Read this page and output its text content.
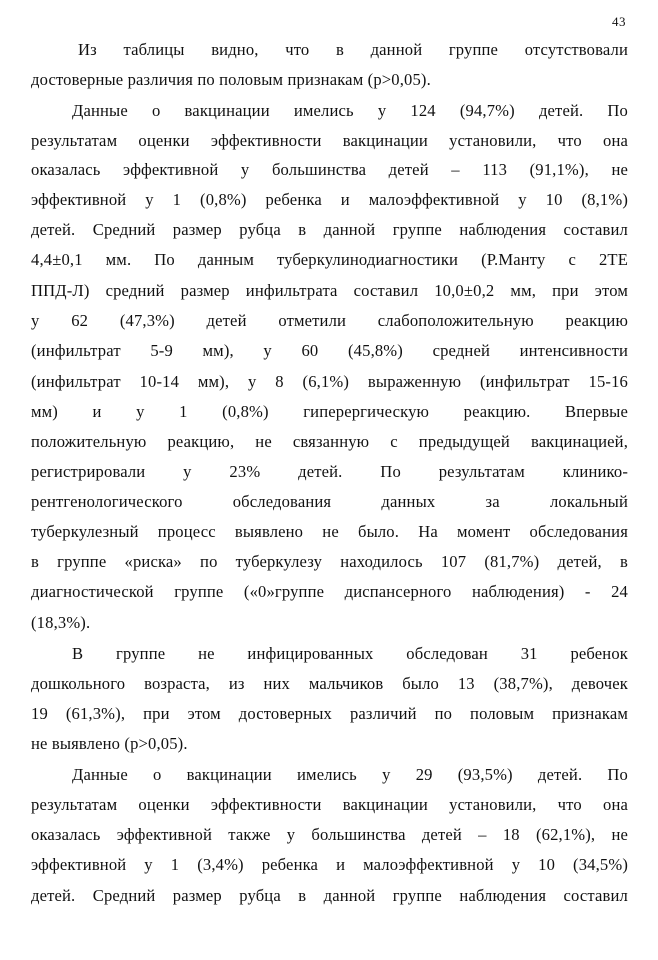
43
Из таблицы видно, что в данной группе отсутствовали
достоверные различия по половым признакам (р>0,05).
Данные о вакцинации имелись у 124 (94,7%) детей. По
результатам оценки эффективности вакцинации установили, что она
оказалась эффективной у большинства детей – 113 (91,1%), не
эффективной у 1 (0,8%) ребенка и малоэффективной у 10 (8,1%)
детей. Средний размер рубца в данной группе наблюдения составил
4,4±0,1 мм. По данным туберкулинодиагностики (Р.Манту с 2ТЕ
ППД-Л) средний размер инфильтрата составил 10,0±0,2 мм, при этом
у 62 (47,3%) детей отметили слабоположительную реакцию
(инфильтрат 5-9 мм), у 60 (45,8%) средней интенсивности
(инфильтрат 10-14 мм), у 8 (6,1%) выраженную (инфильтрат 15-16
мм) и у 1 (0,8%) гиперергическую реакцию. Впервые
положительную реакцию, не связанную с предыдущей вакцинацией,
регистрировали у 23% детей. По результатам клинико-
рентгенологического обследования данных за локальный
туберкулезный процесс выявлено не было. На момент обследования
в группе «риска» по туберкулезу находилось 107 (81,7%) детей, в
диагностической группе («0»группе диспансерного наблюдения) - 24
(18,3%).
В группе не инфицированных обследован 31 ребенок
дошкольного возраста, из них мальчиков было 13 (38,7%), девочек
19 (61,3%), при этом достоверных различий по половым признакам
не выявлено (р>0,05).
Данные о вакцинации имелись у 29 (93,5%) детей. По
результатам оценки эффективности вакцинации установили, что она
оказалась эффективной также у большинства детей – 18 (62,1%), не
эффективной у 1 (3,4%) ребенка и малоэффективной у 10 (34,5%)
детей. Средний размер рубца в данной группе наблюдения составил
